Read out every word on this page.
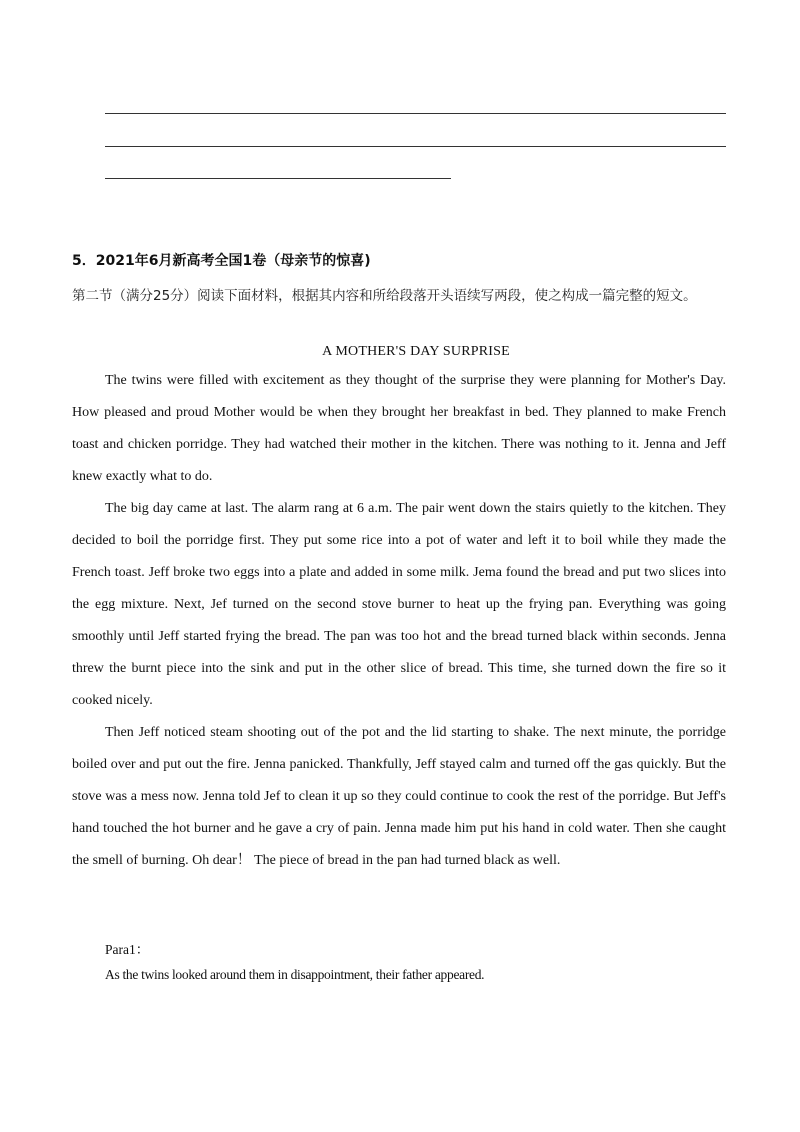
5．2021年6月新高考全国1卷（母亲节的惊喜)
第二节（满分25分）阅读下面材料，根据其内容和所给段落开头语续写两段，使之构成一篇完整的短文。
A MOTHER'S DAY SURPRISE

The twins were filled with excitement as they thought of the surprise they were planning for Mother's Day. How pleased and proud Mother would be when they brought her breakfast in bed. They planned to make French toast and chicken porridge. They had watched their mother in the kitchen. There was nothing to it. Jenna and Jeff knew exactly what to do.

The big day came at last. The alarm rang at 6 a.m. The pair went down the stairs quietly to the kitchen. They decided to boil the porridge first. They put some rice into a pot of water and left it to boil while they made the French toast. Jeff broke two eggs into a plate and added in some milk. Jema found the bread and put two slices into the egg mixture. Next, Jef turned on the second stove burner to heat up the frying pan. Everything was going smoothly until Jeff started frying the bread. The pan was too hot and the bread turned black within seconds. Jenna threw the burnt piece into the sink and put in the other slice of bread. This time, she turned down the fire so it cooked nicely.

Then Jeff noticed steam shooting out of the pot and the lid starting to shake. The next minute, the porridge boiled over and put out the fire. Jenna panicked. Thankfully, Jeff stayed calm and turned off the gas quickly. But the stove was a mess now. Jenna told Jef to clean it up so they could continue to cook the rest of the porridge. But Jeff's hand touched the hot burner and he gave a cry of pain. Jenna made him put his hand in cold water. Then she caught the smell of burning. Oh dear！ The piece of bread in the pan had turned black as well.

Para1：
As the twins looked around them in disappointment, their father appeared.
